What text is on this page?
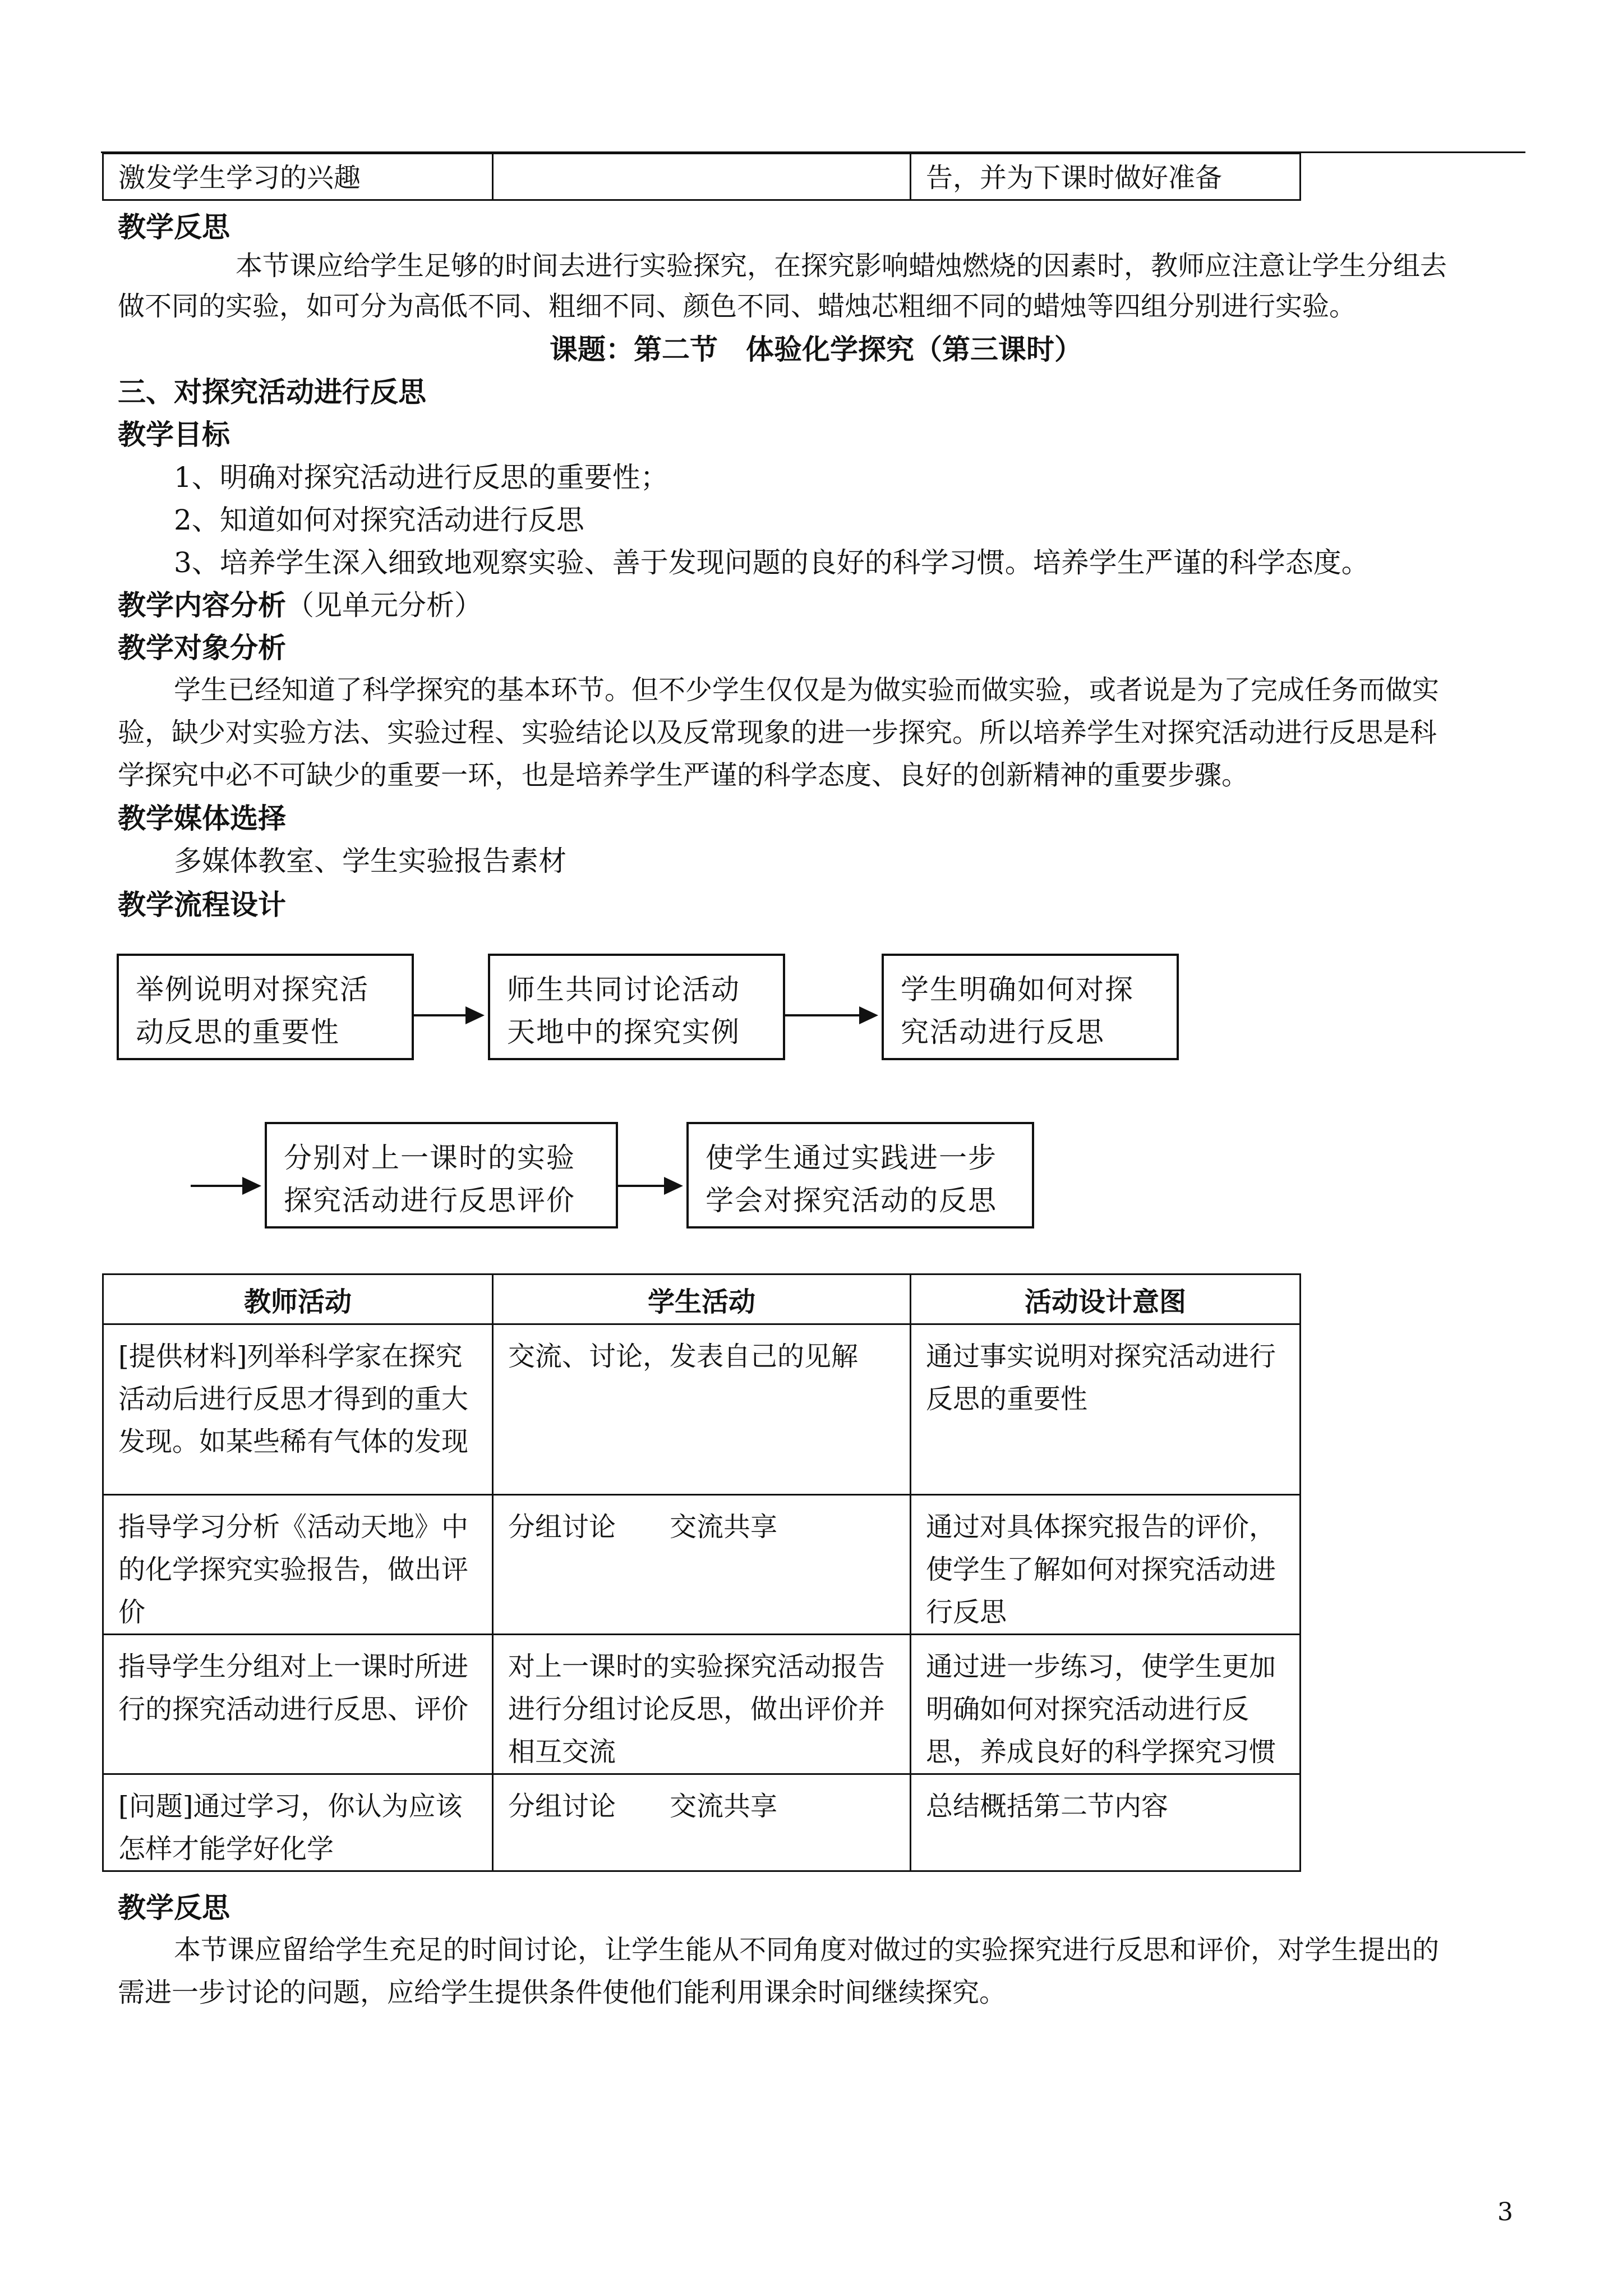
激发学生学习的兴趣		告，并为下课时做好准备
教学反思
本节课应给学生足够的时间去进行实验探究，在探究影响蜡烛燃烧的因素时，教师应注意让学生分组去
做不同的实验，如可分为高低不同、粗细不同、颜色不同、蜡烛芯粗细不同的蜡烛等四组分别进行实验。
课题：第二节　体验化学探究（第三课时）
三、对探究活动进行反思
教学目标
1、明确对探究活动进行反思的重要性；
2、知道如何对探究活动进行反思
3、培养学生深入细致地观察实验、善于发现问题的良好的科学习惯。培养学生严谨的科学态度。
教学内容分析（见单元分析）
教学对象分析
学生已经知道了科学探究的基本环节。但不少学生仅仅是为做实验而做实验，或者说是为了完成任务而做实
验，缺少对实验方法、实验过程、实验结论以及反常现象的进一步探究。所以培养学生对探究活动进行反思是科
学探究中必不可缺少的重要一环，也是培养学生严谨的科学态度、良好的创新精神的重要步骤。
教学媒体选择
多媒体教室、学生实验报告素材
教学流程设计
举例说明对探究活
动反思的重要性
师生共同讨论活动
天地中的探究实例
学生明确如何对探
究活动进行反思
分别对上一课时的实验
探究活动进行反思评价
使学生通过实践进一步
学会对探究活动的反思
教师活动	学生活动	活动设计意图
[提供材料]列举科学家在探究活动后进行反思才得到的重大发现。如某些稀有气体的发现	交流、讨论，发表自己的见解	通过事实说明对探究活动进行反思的重要性
指导学习分析《活动天地》中的化学探究实验报告，做出评价	分组讨论　　交流共享	通过对具体探究报告的评价，使学生了解如何对探究活动进行反思
指导学生分组对上一课时所进行的探究活动进行反思、评价	对上一课时的实验探究活动报告进行分组讨论反思，做出评价并相互交流	通过进一步练习，使学生更加明确如何对探究活动进行反思，养成良好的科学探究习惯
[问题]通过学习，你认为应该怎样才能学好化学	分组讨论　　交流共享	总结概括第二节内容
教学反思
本节课应留给学生充足的时间讨论，让学生能从不同角度对做过的实验探究进行反思和评价，对学生提出的
需进一步讨论的问题，应给学生提供条件使他们能利用课余时间继续探究。
3
